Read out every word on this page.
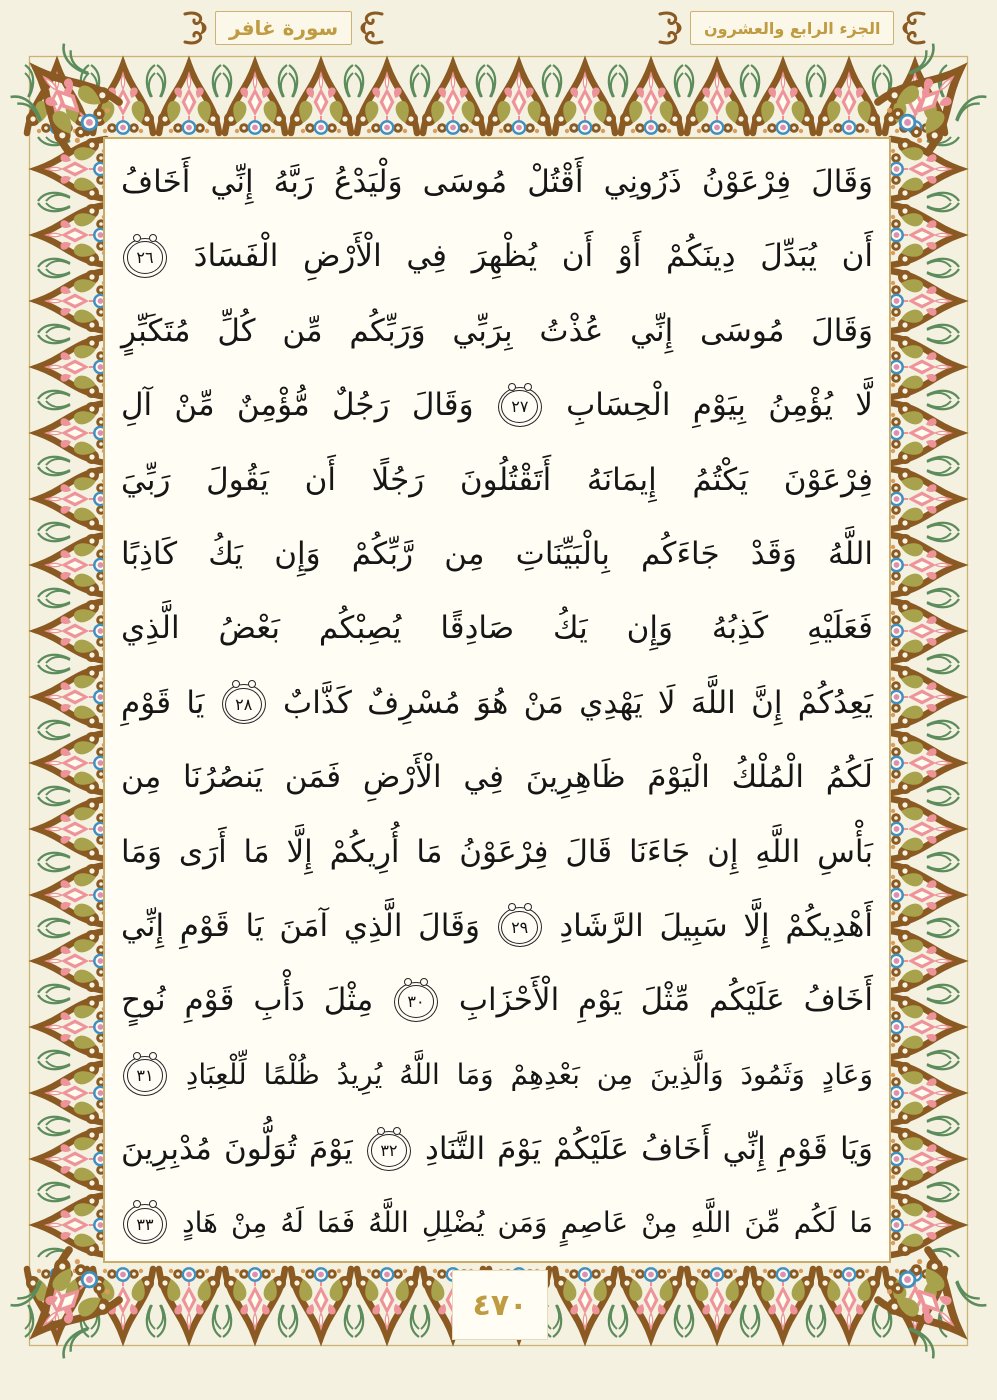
سورة غافر	الجزء الرابع والعشرون
وَقَالَ فِرْعَوْنُ ذَرُونِي أَقْتُلْ مُوسَى وَلْيَدْعُ رَبَّهُ إِنِّي أَخَافُ
أَن يُبَدِّلَ دِينَكُمْ أَوْ أَن يُظْهِرَ فِي الْأَرْضِ الْفَسَادَ
٢٦
وَقَالَ مُوسَى إِنِّي عُذْتُ بِرَبِّي وَرَبِّكُم مِّن كُلِّ مُتَكَبِّرٍ
لَّا يُؤْمِنُ بِيَوْمِ الْحِسَابِ
٢٧
وَقَالَ رَجُلٌ مُّؤْمِنٌ مِّنْ آلِ
فِرْعَوْنَ يَكْتُمُ إِيمَانَهُ أَتَقْتُلُونَ رَجُلًا أَن يَقُولَ رَبِّيَ
اللَّهُ وَقَدْ جَاءَكُم بِالْبَيِّنَاتِ مِن رَّبِّكُمْ وَإِن يَكُ كَاذِبًا
فَعَلَيْهِ كَذِبُهُ وَإِن يَكُ صَادِقًا يُصِبْكُم بَعْضُ الَّذِي
يَعِدُكُمْ إِنَّ اللَّهَ لَا يَهْدِي مَنْ هُوَ مُسْرِفٌ كَذَّابٌ
٢٨
يَا قَوْمِ
لَكُمُ الْمُلْكُ الْيَوْمَ ظَاهِرِينَ فِي الْأَرْضِ فَمَن يَنصُرُنَا مِن
بَأْسِ اللَّهِ إِن جَاءَنَا قَالَ فِرْعَوْنُ مَا أُرِيكُمْ إِلَّا مَا أَرَى وَمَا
أَهْدِيكُمْ إِلَّا سَبِيلَ الرَّشَادِ
٢٩
وَقَالَ الَّذِي آمَنَ يَا قَوْمِ إِنِّي
أَخَافُ عَلَيْكُم مِّثْلَ يَوْمِ الْأَحْزَابِ
٣٠
مِثْلَ دَأْبِ قَوْمِ نُوحٍ
وَعَادٍ وَثَمُودَ وَالَّذِينَ مِن بَعْدِهِمْ وَمَا اللَّهُ يُرِيدُ ظُلْمًا لِّلْعِبَادِ
٣١
وَيَا قَوْمِ إِنِّي أَخَافُ عَلَيْكُمْ يَوْمَ التَّنَادِ
٣٢
يَوْمَ تُوَلُّونَ مُدْبِرِينَ
مَا لَكُم مِّنَ اللَّهِ مِنْ عَاصِمٍ وَمَن يُضْلِلِ اللَّهُ فَمَا لَهُ مِنْ هَادٍ
٣٣
٤٧٠
